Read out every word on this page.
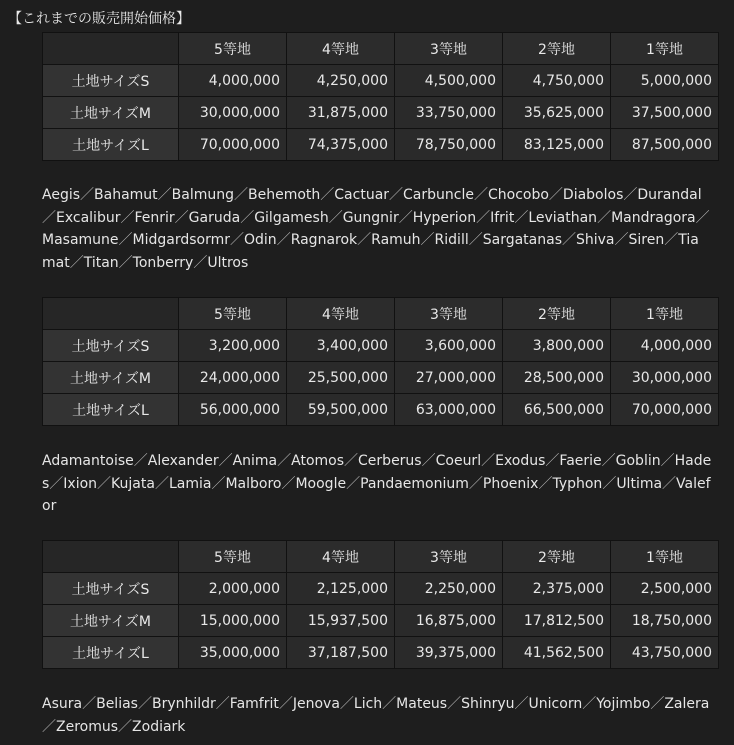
【これまでの販売開始価格】
	5等地	4等地	3等地	2等地	1等地
土地サイズS	4,000,000	4,250,000	4,500,000	4,750,000	5,000,000
土地サイズM	30,000,000	31,875,000	33,750,000	35,625,000	37,500,000
土地サイズL	70,000,000	74,375,000	78,750,000	83,125,000	87,500,000
Aegis／Bahamut／Balmung／Behemoth／Cactuar／Carbuncle／Chocobo／Diabolos／Durandal／Excalibur／Fenrir／Garuda／Gilgamesh／Gungnir／Hyperion／Ifrit／Leviathan／Mandragora／Masamune／Midgardsormr／Odin／Ragnarok／Ramuh／Ridill／Sargatanas／Shiva／Siren／Tiamat／Titan／Tonberry／Ultros
	5等地	4等地	3等地	2等地	1等地
土地サイズS	3,200,000	3,400,000	3,600,000	3,800,000	4,000,000
土地サイズM	24,000,000	25,500,000	27,000,000	28,500,000	30,000,000
土地サイズL	56,000,000	59,500,000	63,000,000	66,500,000	70,000,000
Adamantoise／Alexander／Anima／Atomos／Cerberus／Coeurl／Exodus／Faerie／Goblin／Hades／Ixion／Kujata／Lamia／Malboro／Moogle／Pandaemonium／Phoenix／Typhon／Ultima／Valefor
	5等地	4等地	3等地	2等地	1等地
土地サイズS	2,000,000	2,125,000	2,250,000	2,375,000	2,500,000
土地サイズM	15,000,000	15,937,500	16,875,000	17,812,500	18,750,000
土地サイズL	35,000,000	37,187,500	39,375,000	41,562,500	43,750,000
Asura／Belias／Brynhildr／Famfrit／Jenova／Lich／Mateus／Shinryu／Unicorn／Yojimbo／Zalera／Zeromus／Zodiark
